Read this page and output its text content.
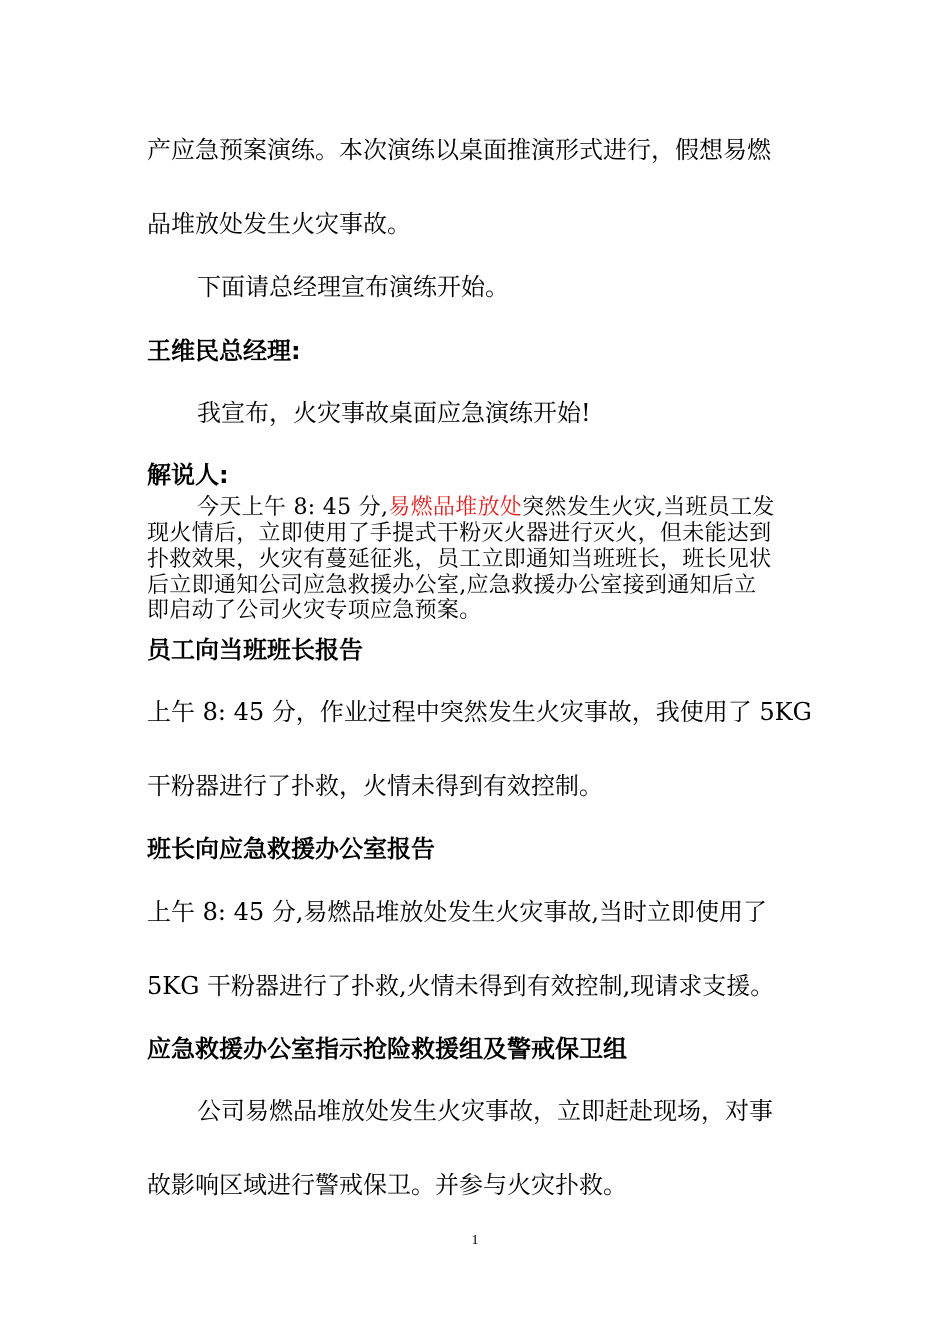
产应急预案演练。本次演练以桌面推演形式进行，假想易燃
品堆放处发生火灾事故。
下面请总经理宣布演练开始。
王维民总经理:
我宣布，火灾事故桌面应急演练开始!
解说人:
今天上午 8: 45 分,易燃品堆放处突然发生火灾,当班员工发
现火情后，立即使用了手提式干粉灭火器进行灭火，但未能达到
扑救效果，火灾有蔓延征兆，员工立即通知当班班长，班长见状
后立即通知公司应急救援办公室,应急救援办公室接到通知后立
即启动了公司火灾专项应急预案。
员工向当班班长报告
上午 8: 45 分，作业过程中突然发生火灾事故，我使用了 5KG
干粉器进行了扑救，火情未得到有效控制。
班长向应急救援办公室报告
上午 8: 45 分,易燃品堆放处发生火灾事故,当时立即使用了
5KG 干粉器进行了扑救,火情未得到有效控制,现请求支援。
应急救援办公室指示抢险救援组及警戒保卫组
公司易燃品堆放处发生火灾事故，立即赶赴现场，对事
故影响区域进行警戒保卫。并参与火灾扑救。
1
